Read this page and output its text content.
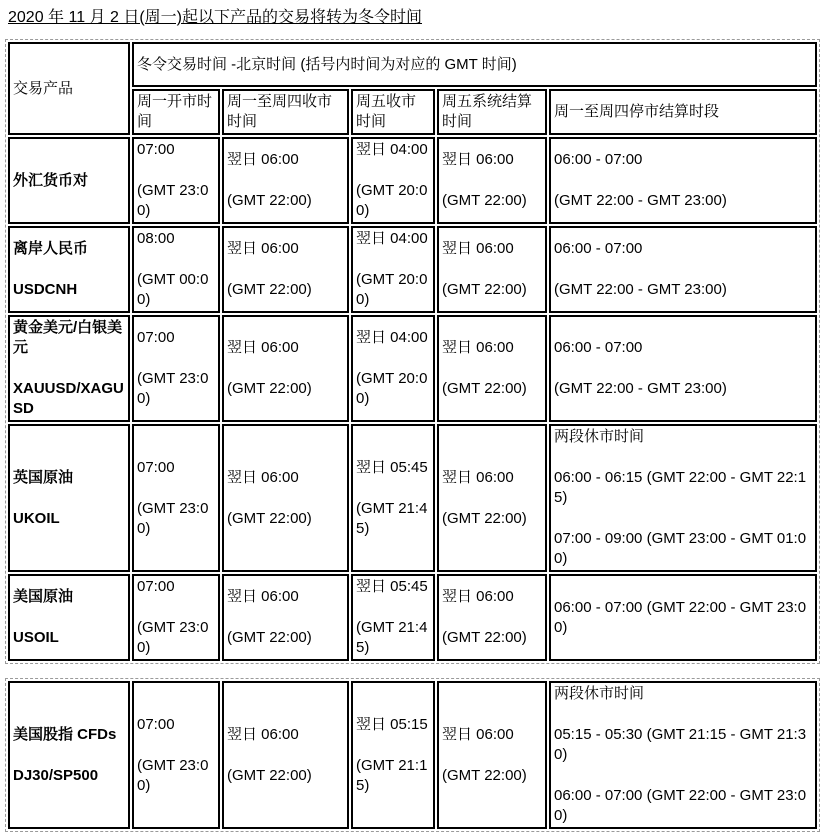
2020 年 11 月 2 日(周一)起以下产品的交易将转为冬令时间
交易产品	冬令交易时间 -北京时间 (括号内时间为对应的 GMT 时间)				
	周一开市时间	周一至周四收市时间	周五收市时间	周五系统结算时间	周一至周四停市结算时段

外汇货币对

07:00

(GMT 23:00)

翌日 06:00

(GMT 22:00)

翌日 04:00

(GMT 20:00)

翌日 06:00

(GMT 22:00)

06:00 - 07:00

(GMT 22:00 - GMT 23:00)

离岸人民币

USDCNH

08:00

(GMT 00:00)

翌日 06:00

(GMT 22:00)

翌日 04:00

(GMT 20:00)

翌日 06:00

(GMT 22:00)

06:00 - 07:00

(GMT 22:00 - GMT 23:00)

黄金美元/白银美元

XAUUSD/XAGUSD

07:00

(GMT 23:00)

翌日 06:00

(GMT 22:00)

翌日 04:00

(GMT 20:00)

翌日 06:00

(GMT 22:00)

06:00 - 07:00

(GMT 22:00 - GMT 23:00)

英国原油

UKOIL

07:00

(GMT 23:00)

翌日 06:00

(GMT 22:00)

翌日 05:45

(GMT 21:45)

翌日 06:00

(GMT 22:00)

两段休市时间

06:00 - 06:15 (GMT 22:00 - GMT 22:15)

07:00 - 09:00 (GMT 23:00 - GMT 01:00)

美国原油

USOIL

07:00

(GMT 23:00)

翌日 06:00

(GMT 22:00)

翌日 05:45

(GMT 21:45)

翌日 06:00

(GMT 22:00)

06:00 - 07:00 (GMT 22:00 - GMT 23:00)

美国股指 CFDs

DJ30/SP500

07:00

(GMT 23:00)

翌日 06:00

(GMT 22:00)

翌日 05:15

(GMT 21:15)

翌日 06:00

(GMT 22:00)

两段休市时间

05:15 - 05:30 (GMT 21:15 - GMT 21:30)

06:00 - 07:00 (GMT 22:00 - GMT 23:00)
